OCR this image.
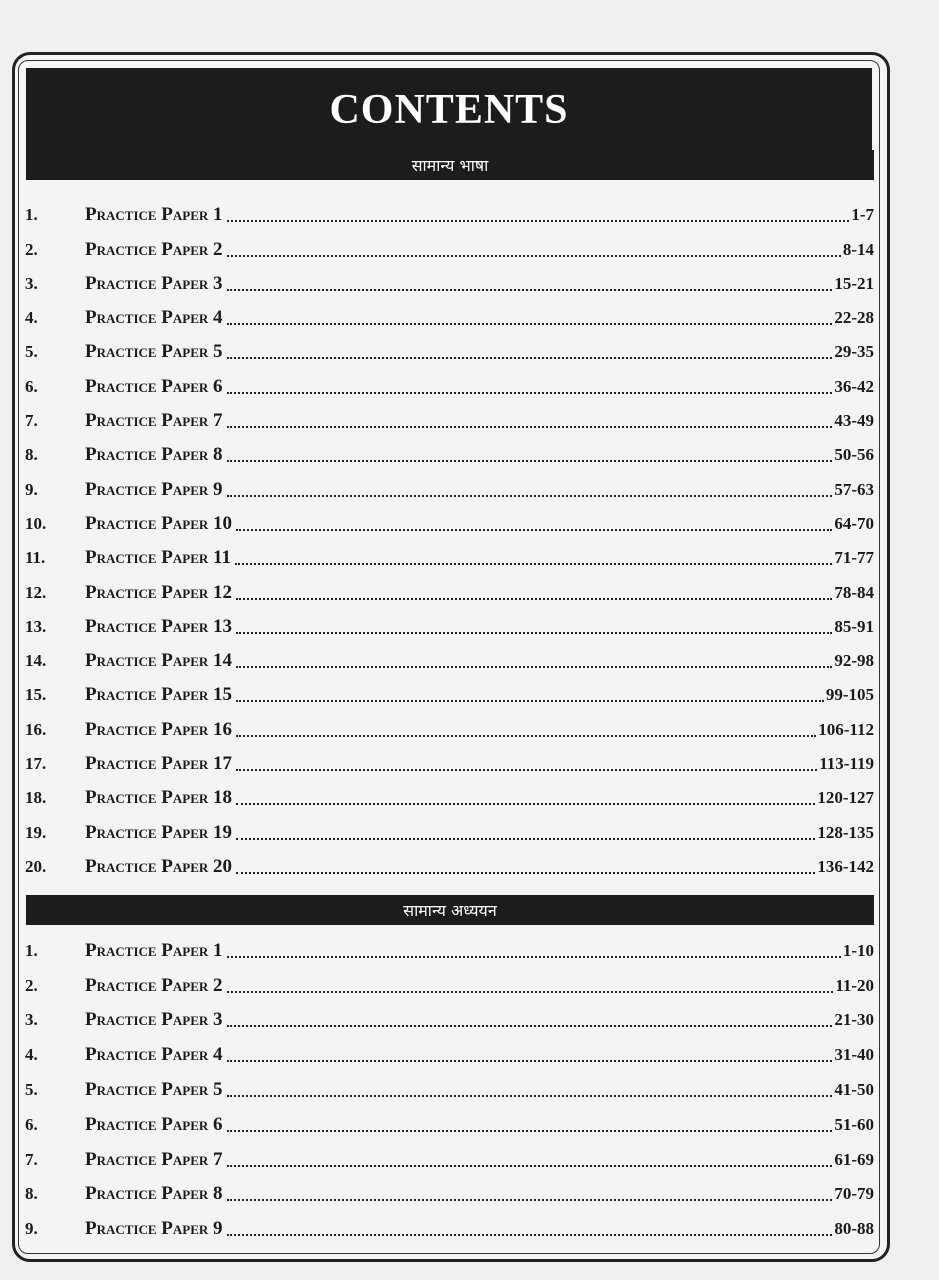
CONTENTS
सामान्य भाषा
1.	Practice Paper 1	1-7
2.	Practice Paper 2	8-14
3.	Practice Paper 3	15-21
4.	Practice Paper 4	22-28
5.	Practice Paper 5	29-35
6.	Practice Paper 6	36-42
7.	Practice Paper 7	43-49
8.	Practice Paper 8	50-56
9.	Practice Paper 9	57-63
10.	Practice Paper 10	64-70
11.	Practice Paper 11	71-77
12.	Practice Paper 12	78-84
13.	Practice Paper 13	85-91
14.	Practice Paper 14	92-98
15.	Practice Paper 15	99-105
16.	Practice Paper 16	106-112
17.	Practice Paper 17	113-119
18.	Practice Paper 18	120-127
19.	Practice Paper 19	128-135
20.	Practice Paper 20	136-142
सामान्य अध्ययन
1.	Practice Paper 1	1-10
2.	Practice Paper 2	11-20
3.	Practice Paper 3	21-30
4.	Practice Paper 4	31-40
5.	Practice Paper 5	41-50
6.	Practice Paper 6	51-60
7.	Practice Paper 7	61-69
8.	Practice Paper 8	70-79
9.	Practice Paper 9	80-88
